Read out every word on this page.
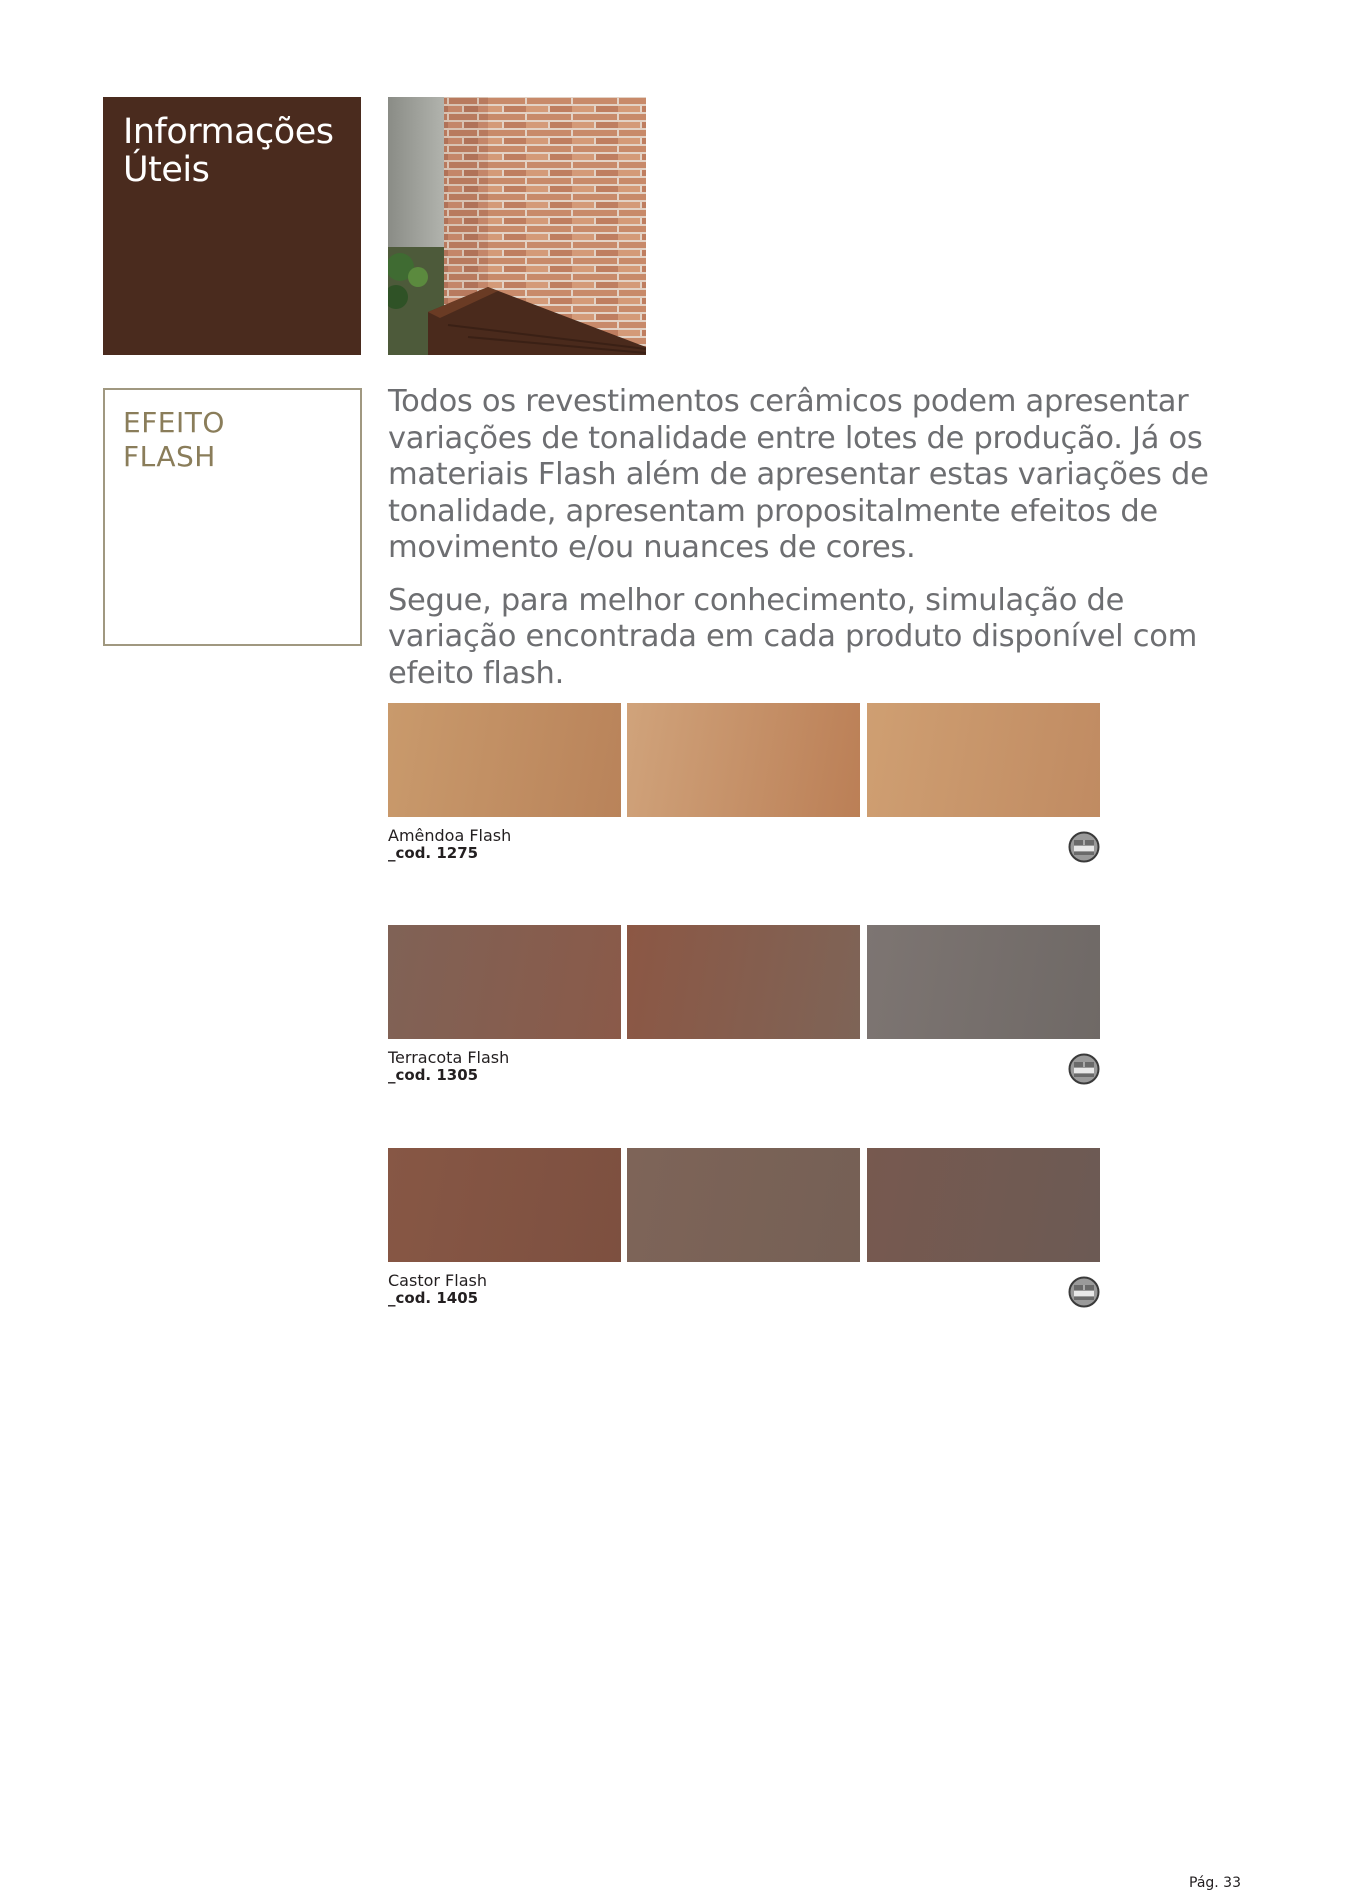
Informações
Úteis
EFEITO
FLASH

Todos os revestimentos cerâmicos podem apresentar variações de tonalidade entre lotes de produção. Já os materiais Flash além de apresentar estas variações de tonalidade, apresentam propositalmente efeitos de movimento e/ou nuances de cores.

Segue, para melhor conhecimento, simulação de variação encontrada em cada produto disponível com efeito flash.

Amêndoa Flash
_cod. 1275
Terracota Flash
_cod. 1305
Castor Flash
_cod. 1405
Pág. 33
